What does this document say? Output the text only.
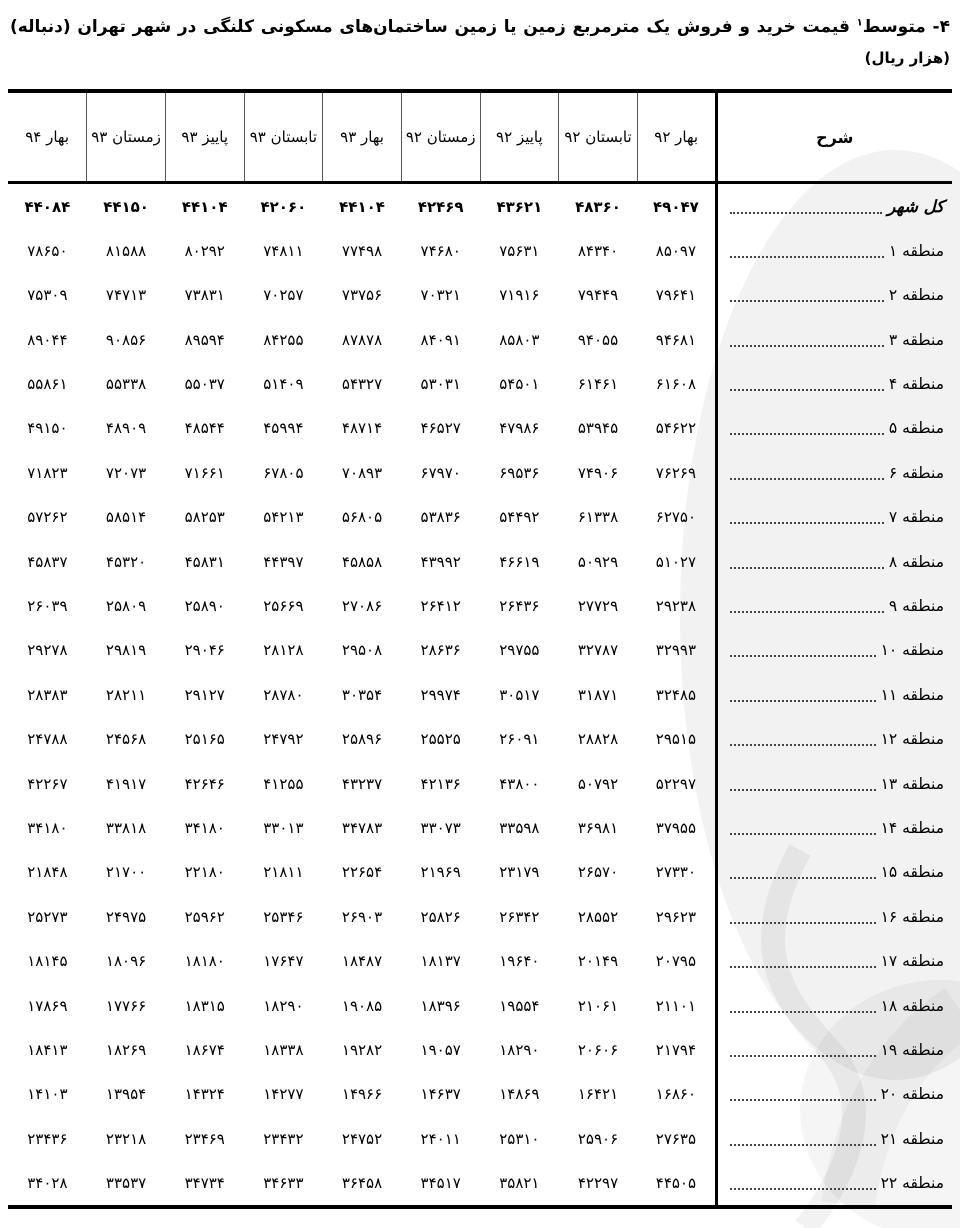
۴- متوسط$^۱$ قیمت خرید و فروش یک مترمربع زمین یا زمین ساختمان‌های مسکونی کلنگی در شهر تهران (دنباله)
(هزار ریال)
شرح	بهار ۹۲	تابستان ۹۲	پاییز ۹۲	زمستان ۹۲	بهار ۹۳	تابستان ۹۳	پاییز ۹۳	زمستان ۹۳	بهار ۹۴

کل شهر	۴۹۰۴۷	۴۸۳۶۰	۴۳۶۲۱	۴۲۴۶۹	۴۴۱۰۴	۴۲۰۶۰	۴۴۱۰۴	۴۴۱۵۰	۴۴۰۸۴

منطقه ۱	۸۵۰۹۷	۸۴۳۴۰	۷۵۶۳۱	۷۴۶۸۰	۷۷۴۹۸	۷۴۸۱۱	۸۰۲۹۲	۸۱۵۸۸	۷۸۶۵۰

منطقه ۲	۷۹۶۴۱	۷۹۴۴۹	۷۱۹۱۶	۷۰۳۲۱	۷۳۷۵۶	۷۰۲۵۷	۷۳۸۳۱	۷۴۷۱۳	۷۵۳۰۹

منطقه ۳	۹۴۶۸۱	۹۴۰۵۵	۸۵۸۰۳	۸۴۰۹۱	۸۷۸۷۸	۸۴۲۵۵	۸۹۵۹۴	۹۰۸۵۶	۸۹۰۴۴

منطقه ۴	۶۱۶۰۸	۶۱۴۶۱	۵۴۵۰۱	۵۳۰۳۱	۵۴۳۲۷	۵۱۴۰۹	۵۵۰۳۷	۵۵۳۳۸	۵۵۸۶۱

منطقه ۵	۵۴۶۲۲	۵۳۹۴۵	۴۷۹۸۶	۴۶۵۲۷	۴۸۷۱۴	۴۵۹۹۴	۴۸۵۴۴	۴۸۹۰۹	۴۹۱۵۰

منطقه ۶	۷۶۲۶۹	۷۴۹۰۶	۶۹۵۳۶	۶۷۹۷۰	۷۰۸۹۳	۶۷۸۰۵	۷۱۶۶۱	۷۲۰۷۳	۷۱۸۲۳

منطقه ۷	۶۲۷۵۰	۶۱۳۳۸	۵۴۴۹۲	۵۳۸۳۶	۵۶۸۰۵	۵۴۲۱۳	۵۸۲۵۳	۵۸۵۱۴	۵۷۲۶۲

منطقه ۸	۵۱۰۲۷	۵۰۹۲۹	۴۶۶۱۹	۴۳۹۹۲	۴۵۸۵۸	۴۴۳۹۷	۴۵۸۳۱	۴۵۳۲۰	۴۵۸۳۷

منطقه ۹	۲۹۲۳۸	۲۷۷۲۹	۲۶۴۳۶	۲۶۴۱۲	۲۷۰۸۶	۲۵۶۶۹	۲۵۸۹۰	۲۵۸۰۹	۲۶۰۳۹

منطقه ۱۰	۳۲۹۹۳	۳۲۷۸۷	۲۹۷۵۵	۲۸۶۳۶	۲۹۵۰۸	۲۸۱۲۸	۲۹۰۴۶	۲۹۸۱۹	۲۹۲۷۸

منطقه ۱۱	۳۲۴۸۵	۳۱۸۷۱	۳۰۵۱۷	۲۹۹۷۴	۳۰۳۵۴	۲۸۷۸۰	۲۹۱۲۷	۲۸۲۱۱	۲۸۳۸۳

منطقه ۱۲	۲۹۵۱۵	۲۸۸۲۸	۲۶۰۹۱	۲۵۵۲۵	۲۵۸۹۶	۲۴۷۹۲	۲۵۱۶۵	۲۴۵۶۸	۲۴۷۸۸

منطقه ۱۳	۵۲۲۹۷	۵۰۷۹۲	۴۳۸۰۰	۴۲۱۳۶	۴۳۲۳۷	۴۱۲۵۵	۴۲۶۴۶	۴۱۹۱۷	۴۲۲۶۷

منطقه ۱۴	۳۷۹۵۵	۳۶۹۸۱	۳۳۵۹۸	۳۳۰۷۳	۳۴۷۸۳	۳۳۰۱۳	۳۴۱۸۰	۳۳۸۱۸	۳۴۱۸۰

منطقه ۱۵	۲۷۳۳۰	۲۶۵۷۰	۲۳۱۷۹	۲۱۹۶۹	۲۲۶۵۴	۲۱۸۱۱	۲۲۱۸۰	۲۱۷۰۰	۲۱۸۴۸

منطقه ۱۶	۲۹۶۲۳	۲۸۵۵۲	۲۶۳۴۲	۲۵۸۲۶	۲۶۹۰۳	۲۵۳۴۶	۲۵۹۶۲	۲۴۹۷۵	۲۵۲۷۳

منطقه ۱۷	۲۰۷۹۵	۲۰۱۴۹	۱۹۶۴۰	۱۸۱۳۷	۱۸۴۸۷	۱۷۶۴۷	۱۸۱۸۰	۱۸۰۹۶	۱۸۱۴۵

منطقه ۱۸	۲۱۱۰۱	۲۱۰۶۱	۱۹۵۵۴	۱۸۳۹۶	۱۹۰۸۵	۱۸۲۹۰	۱۸۳۱۵	۱۷۷۶۶	۱۷۸۶۹

منطقه ۱۹	۲۱۷۹۴	۲۰۶۰۶	۱۸۲۹۰	۱۹۰۵۷	۱۹۲۸۲	۱۸۳۳۸	۱۸۶۷۴	۱۸۲۶۹	۱۸۴۱۳

منطقه ۲۰	۱۶۸۶۰	۱۶۴۲۱	۱۴۸۶۹	۱۴۶۳۷	۱۴۹۶۶	۱۴۲۷۷	۱۴۳۲۴	۱۳۹۵۴	۱۴۱۰۳

منطقه ۲۱	۲۷۶۳۵	۲۵۹۰۶	۲۵۳۱۰	۲۴۰۱۱	۲۴۷۵۲	۲۳۴۳۲	۲۳۴۶۹	۲۳۲۱۸	۲۳۴۳۶

منطقه ۲۲	۴۴۵۰۵	۴۲۲۹۷	۳۵۸۲۱	۳۴۵۱۷	۳۶۴۵۸	۳۴۶۳۳	۳۴۷۳۴	۳۳۵۳۷	۳۴۰۲۸
